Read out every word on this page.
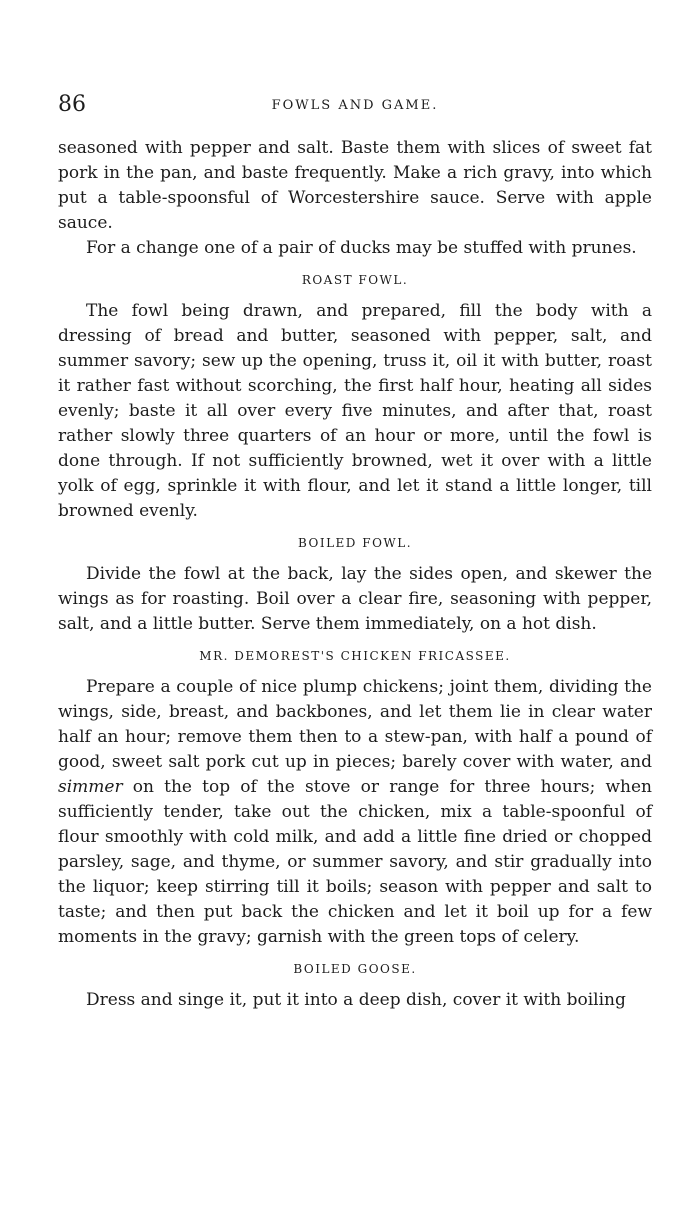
86	FOWLS AND GAME.

seasoned with pepper and salt. Baste them with slices of sweet fat pork in the pan, and baste frequently. Make a rich gravy, into which put a table-spoonsful of Worcestershire sauce. Serve with apple sauce.

For a change one of a pair of ducks may be stuffed with prunes.

ROAST FOWL.

The fowl being drawn, and prepared, fill the body with a dressing of bread and butter, seasoned with pepper, salt, and summer savory; sew up the opening, truss it, oil it with butter, roast it rather fast without scorching, the first half hour, heating all sides evenly; baste it all over every five minutes, and after that, roast rather slowly three quarters of an hour or more, until the fowl is done through. If not sufficiently browned, wet it over with a little yolk of egg, sprinkle it with flour, and let it stand a little longer, till browned evenly.

BOILED FOWL.

Divide the fowl at the back, lay the sides open, and skewer the wings as for roasting. Boil over a clear fire, seasoning with pepper, salt, and a little butter. Serve them immediately, on a hot dish.

MR. DEMOREST'S CHICKEN FRICASSEE.

Prepare a couple of nice plump chickens; joint them, dividing the wings, side, breast, and backbones, and let them lie in clear water half an hour; remove them then to a stew-pan, with half a pound of good, sweet salt pork cut up in pieces; barely cover with water, and simmer on the top of the stove or range for three hours; when sufficiently tender, take out the chicken, mix a table-spoonful of flour smoothly with cold milk, and add a little fine dried or chopped parsley, sage, and thyme, or summer savory, and stir gradually into the liquor; keep stirring till it boils; season with pepper and salt to taste; and then put back the chicken and let it boil up for a few moments in the gravy; garnish with the green tops of celery.

BOILED GOOSE.

Dress and singe it, put it into a deep dish, cover it with boiling
